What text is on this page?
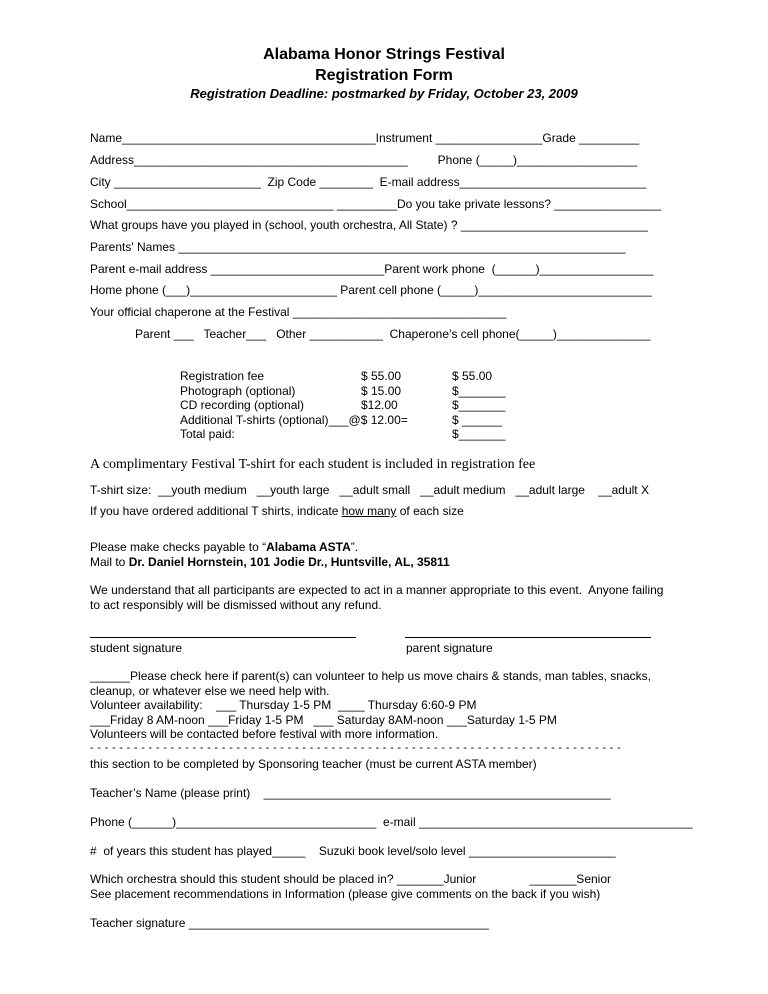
Alabama Honor Strings Festival
Registration Form
Registration Deadline: postmarked by Friday, October 23, 2009
Name______________________________________Instrument ________________Grade _________
Address_________________________________________         Phone (_____)__________________
City ______________________  Zip Code ________  E-mail address____________________________
School_______________________________ _________Do you take private lessons? ________________
What groups have you played in (school, youth orchestra, All State) ? ____________________________
Parents' Names ___________________________________________________________________
Parent e-mail address __________________________Parent work phone  (______)_________________
Home phone (___)______________________ Parent cell phone (_____)__________________________
Your official chaperone at the Festival ________________________________
Parent ___   Teacher___   Other ___________  Chaperone’s cell phone(_____)______________
Registration fee
Photograph (optional)
CD recording (optional)
Additional T-shirts (optional)___@$ 12.00=
Total paid:
$ 55.00
$ 15.00
$12.00
$ 55.00
$_______
$_______
$ ______
$_______
A complimentary Festival T-shirt for each student is included in registration fee
T-shirt size:  __youth medium   __youth large   __adult small   __adult medium   __adult large    __adult X
If you have ordered additional T shirts, indicate how many of each size
Please make checks payable to “Alabama ASTA”.
Mail to Dr. Daniel Hornstein, 101 Jodie Dr., Huntsville, AL, 35811
We understand that all participants are expected to act in a manner appropriate to this event.  Anyone failing
to act responsibly will be dismissed without any refund.
student signature	parent signature
______Please check here if parent(s) can volunteer to help us move chairs & stands, man tables, snacks,
cleanup, or whatever else we need help with.
Volunteer availability:    ___ Thursday 1-5 PM  ____ Thursday 6:60-9 PM
___Friday 8 AM-noon ___Friday 1-5 PM   ___ Saturday 8AM-noon ___Saturday 1-5 PM
Volunteers will be contacted before festival with more information.
- - - - - - - - - - - - - - - - - - - - - - - - - - - - - - - - - - - - - - - - - - - - - - - - - - - - - - - - - - - - - - - - - - - - - - - - -
this section to be completed by Sponsoring teacher (must be current ASTA member)
Teacher’s Name (please print)    ____________________________________________________
Phone (______)______________________________  e-mail _________________________________________
#  of years this student has played_____    Suzuki book level/solo level ______________________
Which orchestra should this student should be placed in? _______Junior                _______Senior
See placement recommendations in Information (please give comments on the back if you wish)
Teacher signature _____________________________________________
